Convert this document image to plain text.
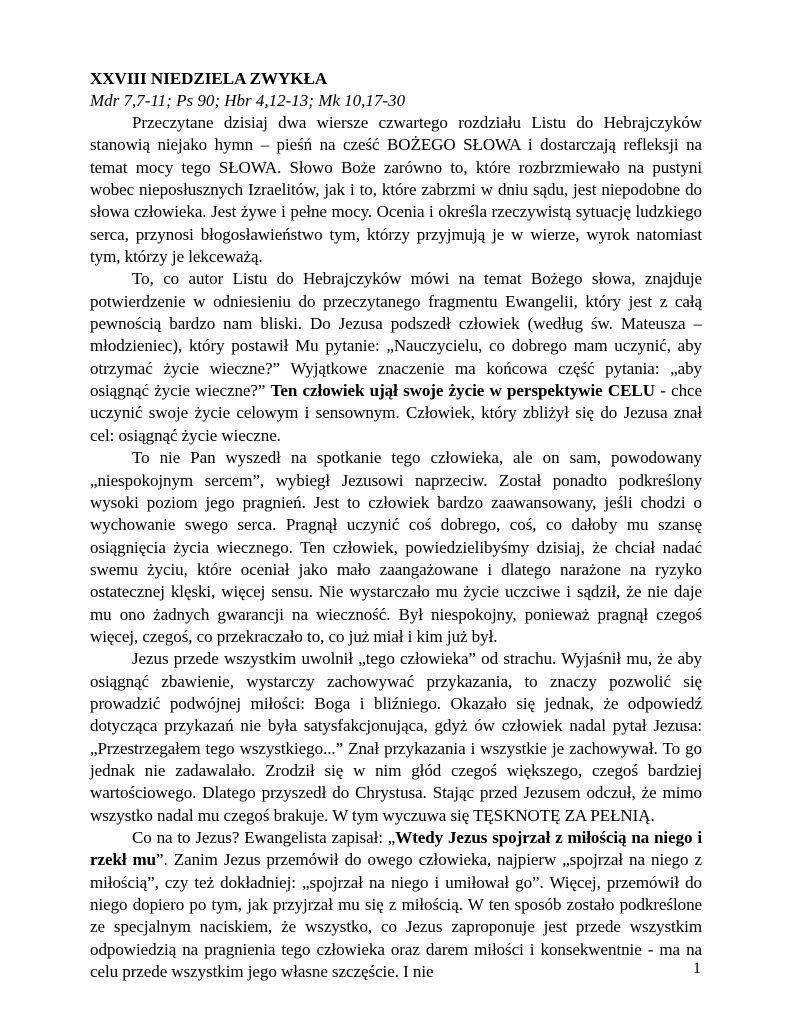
XXVIII NIEDZIELA ZWYKŁA

Mdr 7,7-11; Ps 90; Hbr 4,12-13; Mk 10,17-30

Przeczytane dzisiaj dwa wiersze czwartego rozdziału Listu do Hebrajczyków stanowią niejako hymn – pieśń na cześć BOŻEGO SŁOWA i dostarczają refleksji na temat mocy tego SŁOWA. Słowo Boże zarówno to, które rozbrzmiewało na pustyni wobec nieposłusznych Izraelitów, jak i to, które zabrzmi w dniu sądu, jest niepodobne do słowa człowieka. Jest żywe i pełne mocy. Ocenia i określa rzeczywistą sytuację ludzkiego serca, przynosi błogosławieństwo tym, którzy przyjmują je w wierze, wyrok natomiast tym, którzy je lekceważą.

To, co autor Listu do Hebrajczyków mówi na temat Bożego słowa, znajduje potwierdzenie w odniesieniu do przeczytanego fragmentu Ewangelii, który jest z całą pewnością bardzo nam bliski. Do Jezusa podszedł człowiek (według św. Mateusza – młodzieniec), który postawił Mu pytanie: „Nauczycielu, co dobrego mam uczynić, aby otrzymać życie wieczne?” Wyjątkowe znaczenie ma końcowa część pytania: „aby osiągnąć życie wieczne?” Ten człowiek ujął swoje życie w perspektywie CELU - chce uczynić swoje życie celowym i sensownym. Człowiek, który zbliżył się do Jezusa znał cel: osiągnąć życie wieczne.

To nie Pan wyszedł na spotkanie tego człowieka, ale on sam, powodowany „niespokojnym sercem”, wybiegł Jezusowi naprzeciw. Został ponadto podkreślony wysoki poziom jego pragnień. Jest to człowiek bardzo zaawansowany, jeśli chodzi o wychowanie swego serca. Pragnął uczynić coś dobrego, coś, co dałoby mu szansę osiągnięcia życia wiecznego. Ten człowiek, powiedzielibyśmy dzisiaj, że chciał nadać swemu życiu, które oceniał jako mało zaangażowane i dlatego narażone na ryzyko ostatecznej klęski, więcej sensu. Nie wystarczało mu życie uczciwe i sądził, że nie daje mu ono żadnych gwarancji na wieczność. Był niespokojny, ponieważ pragnął czegoś więcej, czegoś, co przekraczało to, co już miał i kim już był.

Jezus przede wszystkim uwolnił „tego człowieka” od strachu. Wyjaśnił mu, że aby osiągnąć zbawienie, wystarczy zachowywać przykazania, to znaczy pozwolić się prowadzić podwójnej miłości: Boga i bliźniego. Okazało się jednak, że odpowiedź dotycząca przykazań nie była satysfakcjonująca, gdyż ów człowiek nadal pytał Jezusa: „Przestrzegałem tego wszystkiego...” Znał przykazania i wszystkie je zachowywał. To go jednak nie zadawalało. Zrodził się w nim głód czegoś większego, czegoś bardziej wartościowego. Dlatego przyszedł do Chrystusa. Stając przed Jezusem odczuł, że mimo wszystko nadal mu czegoś brakuje. W tym wyczuwa się TĘSKNOTĘ ZA PEŁNIĄ.

Co na to Jezus? Ewangelista zapisał: „Wtedy Jezus spojrzał z miłością na niego i rzekł mu”. Zanim Jezus przemówił do owego człowieka, najpierw „spojrzał na niego z miłością”, czy też dokładniej: „spojrzał na niego i umiłował go”. Więcej, przemówił do niego dopiero po tym, jak przyjrzał mu się z miłością. W ten sposób zostało podkreślone ze specjalnym naciskiem, że wszystko, co Jezus zaproponuje jest przede wszystkim odpowiedzią na pragnienia tego człowieka oraz darem miłości i konsekwentnie - ma na celu przede wszystkim jego własne szczęście. I nie	1
